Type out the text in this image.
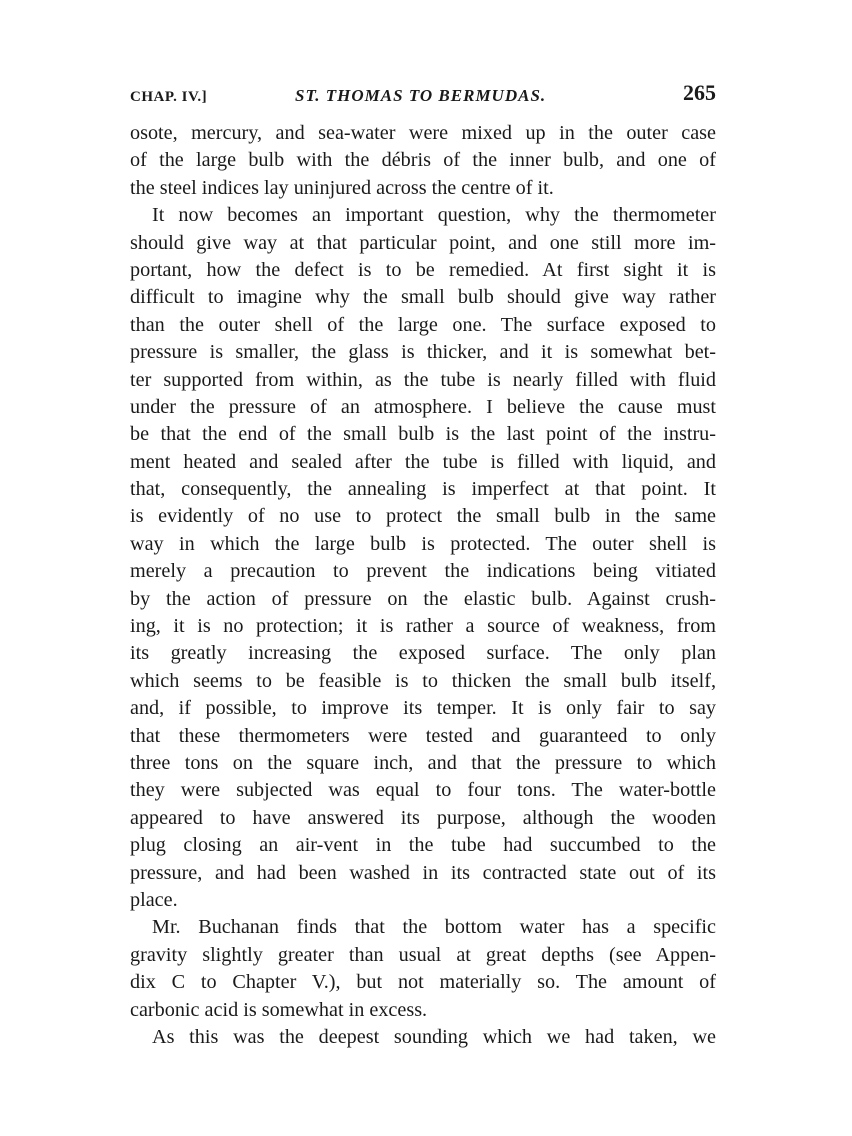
CHAP. IV.]	ST. THOMAS TO BERMUDAS.	265
osote, mercury, and sea-water were mixed up in the outer case
of the large bulb with the débris of the inner bulb, and one of
the steel indices lay uninjured across the centre of it.
It now becomes an important question, why the thermometer
should give way at that particular point, and one still more im-
portant, how the defect is to be remedied. At first sight it is
difficult to imagine why the small bulb should give way rather
than the outer shell of the large one. The surface exposed to
pressure is smaller, the glass is thicker, and it is somewhat bet-
ter supported from within, as the tube is nearly filled with fluid
under the pressure of an atmosphere. I believe the cause must
be that the end of the small bulb is the last point of the instru-
ment heated and sealed after the tube is filled with liquid, and
that, consequently, the annealing is imperfect at that point. It
is evidently of no use to protect the small bulb in the same
way in which the large bulb is protected. The outer shell is
merely a precaution to prevent the indications being vitiated
by the action of pressure on the elastic bulb. Against crush-
ing, it is no protection; it is rather a source of weakness, from
its greatly increasing the exposed surface. The only plan
which seems to be feasible is to thicken the small bulb itself,
and, if possible, to improve its temper. It is only fair to say
that these thermometers were tested and guaranteed to only
three tons on the square inch, and that the pressure to which
they were subjected was equal to four tons. The water-bottle
appeared to have answered its purpose, although the wooden
plug closing an air-vent in the tube had succumbed to the
pressure, and had been washed in its contracted state out of its
place.
Mr. Buchanan finds that the bottom water has a specific
gravity slightly greater than usual at great depths (see Appen-
dix C to Chapter V.), but not materially so. The amount of
carbonic acid is somewhat in excess.
As this was the deepest sounding which we had taken, we
